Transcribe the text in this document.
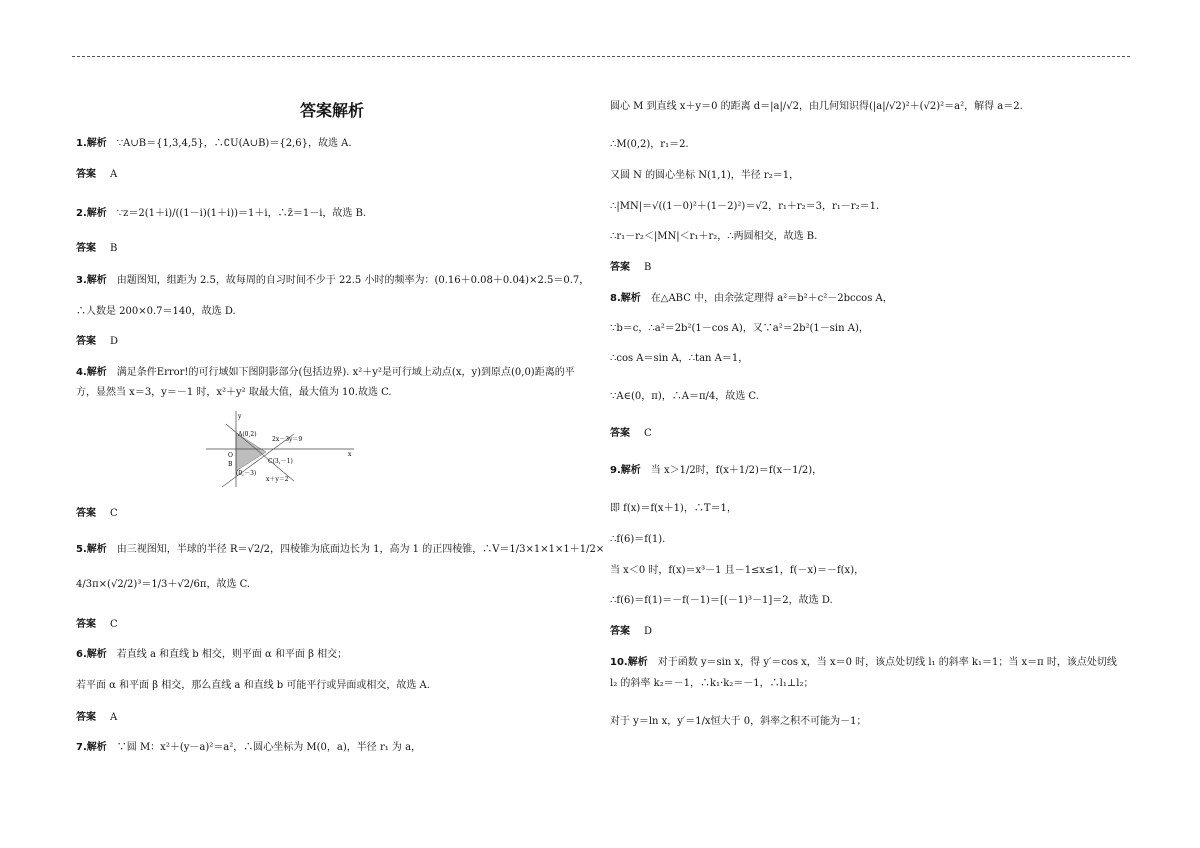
答案解析
1.解析 ∵A∪B＝{1,3,4,5}，∴∁U(A∪B)＝{2,6}，故选 A.
答案 A
2.解析 ∵z＝2(1＋i)/((1－i)(1＋i))＝1＋i，∴z̄＝1－i，故选 B.
答案 B
3.解析 由题图知，组距为 2.5，故每周的自习时间不少于 22.5 小时的频率为：(0.16＋0.08＋0.04)×2.5＝0.7，
∴人数是 200×0.7＝140，故选 D.
答案 D
4.解析 满足条件Error!的可行域如下图阴影部分(包括边界). x²＋y²是可行域上动点(x，y)到原点(0,0)距离的平
方，显然当 x＝3，y＝－1 时，x²＋y² 取最大值，最大值为 10.故选 C.
答案 C
5.解析 由三视图知，半球的半径 R＝√2/2，四棱锥为底面边长为 1，高为 1 的正四棱锥，∴V＝1/3×1×1×1＋1/2×
4/3π×(√2/2)³＝1/3＋√2/6π，故选 C.
答案 C
6.解析 若直线 a 和直线 b 相交，则平面 α 和平面 β 相交；
若平面 α 和平面 β 相交，那么直线 a 和直线 b 可能平行或异面或相交，故选 A.
答案 A
7.解析 ∵圆 M：x²＋(y－a)²＝a²，∴圆心坐标为 M(0，a)，半径 r₁ 为 a，
圆心 M 到直线 x＋y＝0 的距离 d＝|a|/√2，由几何知识得(|a|/√2)²＋(√2)²＝a²，解得 a＝2.
∴M(0,2)，r₁＝2.
又圆 N 的圆心坐标 N(1,1)，半径 r₂＝1，
∴|MN|＝√((1－0)²＋(1－2)²)＝√2，r₁＋r₂＝3，r₁－r₂＝1.
∴r₁－r₂＜|MN|＜r₁＋r₂，∴两圆相交，故选 B.
答案 B
8.解析 在△ABC 中，由余弦定理得 a²＝b²＋c²－2bccos A，
∵b＝c，∴a²＝2b²(1－cos A)，又∵a²＝2b²(1－sin A)，
∴cos A＝sin A，∴tan A＝1，
∵A∈(0，π)，∴A＝π/4，故选 C.
答案 C
9.解析 当 x＞1/2时，f(x＋1/2)＝f(x－1/2)，
即 f(x)＝f(x＋1)，∴T＝1，
∴f(6)＝f(1).
当 x＜0 时，f(x)＝x³－1 且－1≤x≤1，f(－x)＝－f(x)，
∴f(6)＝f(1)＝－f(－1)＝[(－1)³－1]＝2，故选 D.
答案 D
10.解析 对于函数 y＝sin x，得 y′＝cos x，当 x＝0 时，该点处切线 l₁ 的斜率 k₁＝1；当 x＝π 时，该点处切线
l₂ 的斜率 k₂＝－1，∴k₁·k₂＝－1，∴l₁⊥l₂；
对于 y＝ln x，y′＝1/x恒大于 0，斜率之积不可能为－1；
y
x
A(0,2)
2x－3y＝9
O
B	C(3,－1)
(0,－3)
x＋y＝2
